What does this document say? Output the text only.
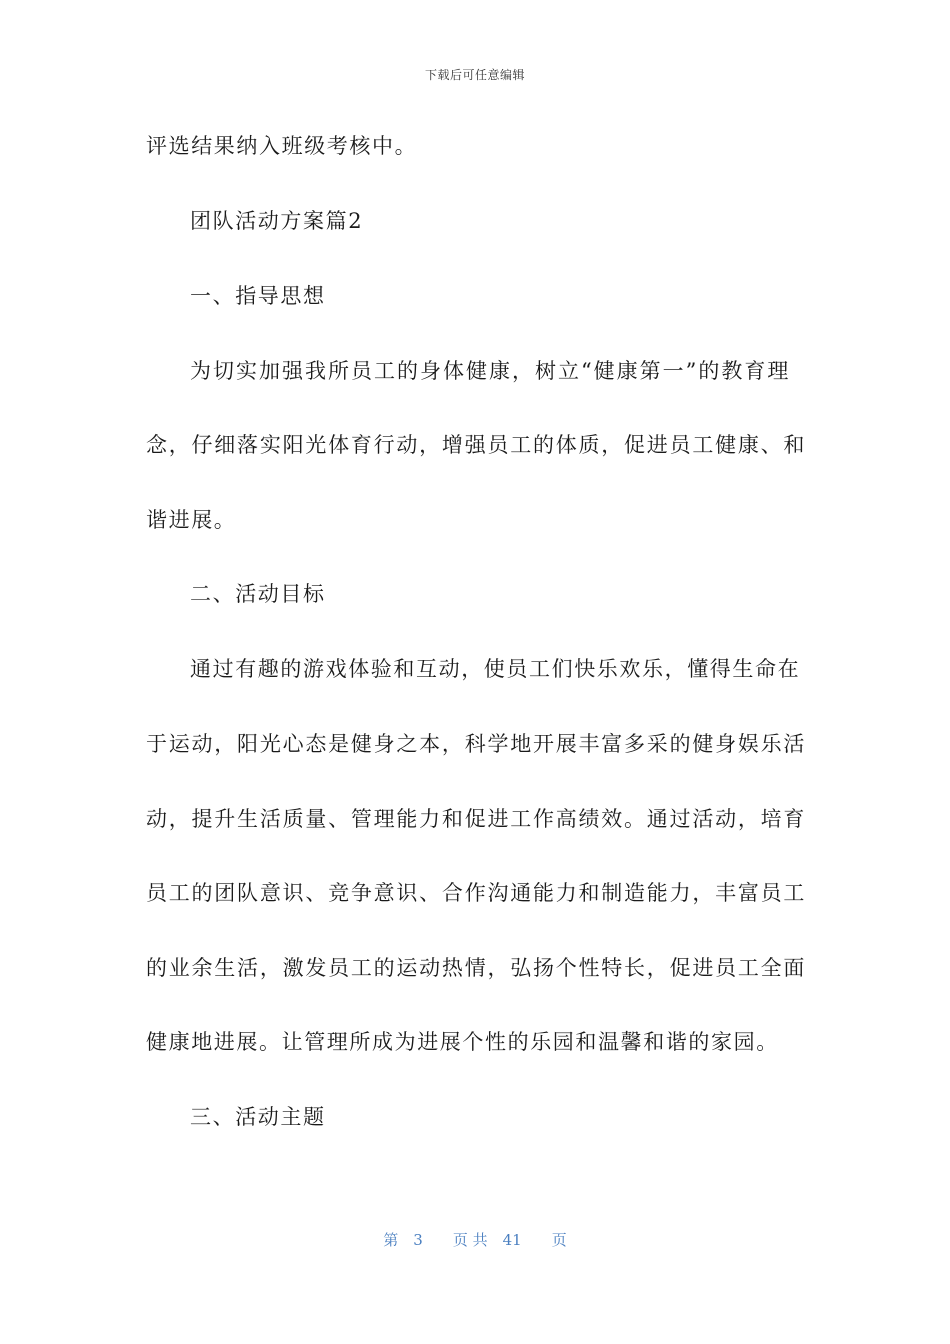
下载后可任意编辑
评选结果纳入班级考核中。
团队活动方案篇2
一、指导思想
为切实加强我所员工的身体健康，树立“健康第一”的教育理
念，仔细落实阳光体育行动，增强员工的体质，促进员工健康、和
谐进展。
二、活动目标
通过有趣的游戏体验和互动，使员工们快乐欢乐，懂得生命在
于运动，阳光心态是健身之本，科学地开展丰富多采的健身娱乐活
动，提升生活质量、管理能力和促进工作高绩效。通过活动，培育
员工的团队意识、竞争意识、合作沟通能力和制造能力，丰富员工
的业余生活，激发员工的运动热情，弘扬个性特长，促进员工全面
健康地进展。让管理所成为进展个性的乐园和温馨和谐的家园。
三、活动主题
第　3　　页 共　41　　页
